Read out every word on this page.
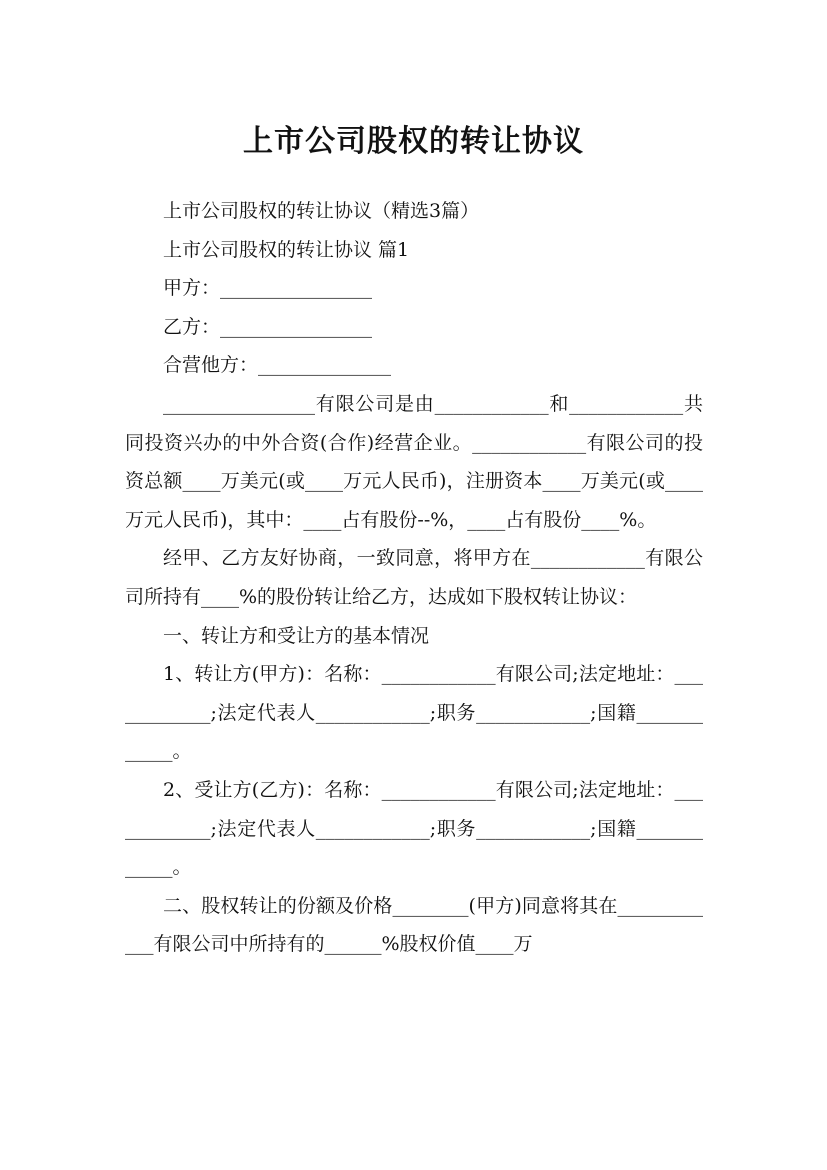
上市公司股权的转让协议

上市公司股权的转让协议（精选3篇）

上市公司股权的转让协议 篇1

甲方：________________

乙方：________________

合营他方：______________

________________有限公司是由____________和____________共同投资兴办的中外合资(合作)经营企业。____________有限公司的投资总额____万美元(或____万元人民币)，注册资本____万美元(或____万元人民币)，其中：____占有股份--%，____占有股份____%。

经甲、乙方友好协商，一致同意，将甲方在____________有限公司所持有____%的股份转让给乙方，达成如下股权转让协议：

一、转让方和受让方的基本情况

1、转让方(甲方)：名称：____________有限公司;法定地址：____________;法定代表人____________;职务____________;国籍____________。

2、受让方(乙方)：名称：____________有限公司;法定地址：____________;法定代表人____________;职务____________;国籍____________。

二、股权转让的份额及价格________(甲方)同意将其在____________有限公司中所持有的______%股权价值____万
